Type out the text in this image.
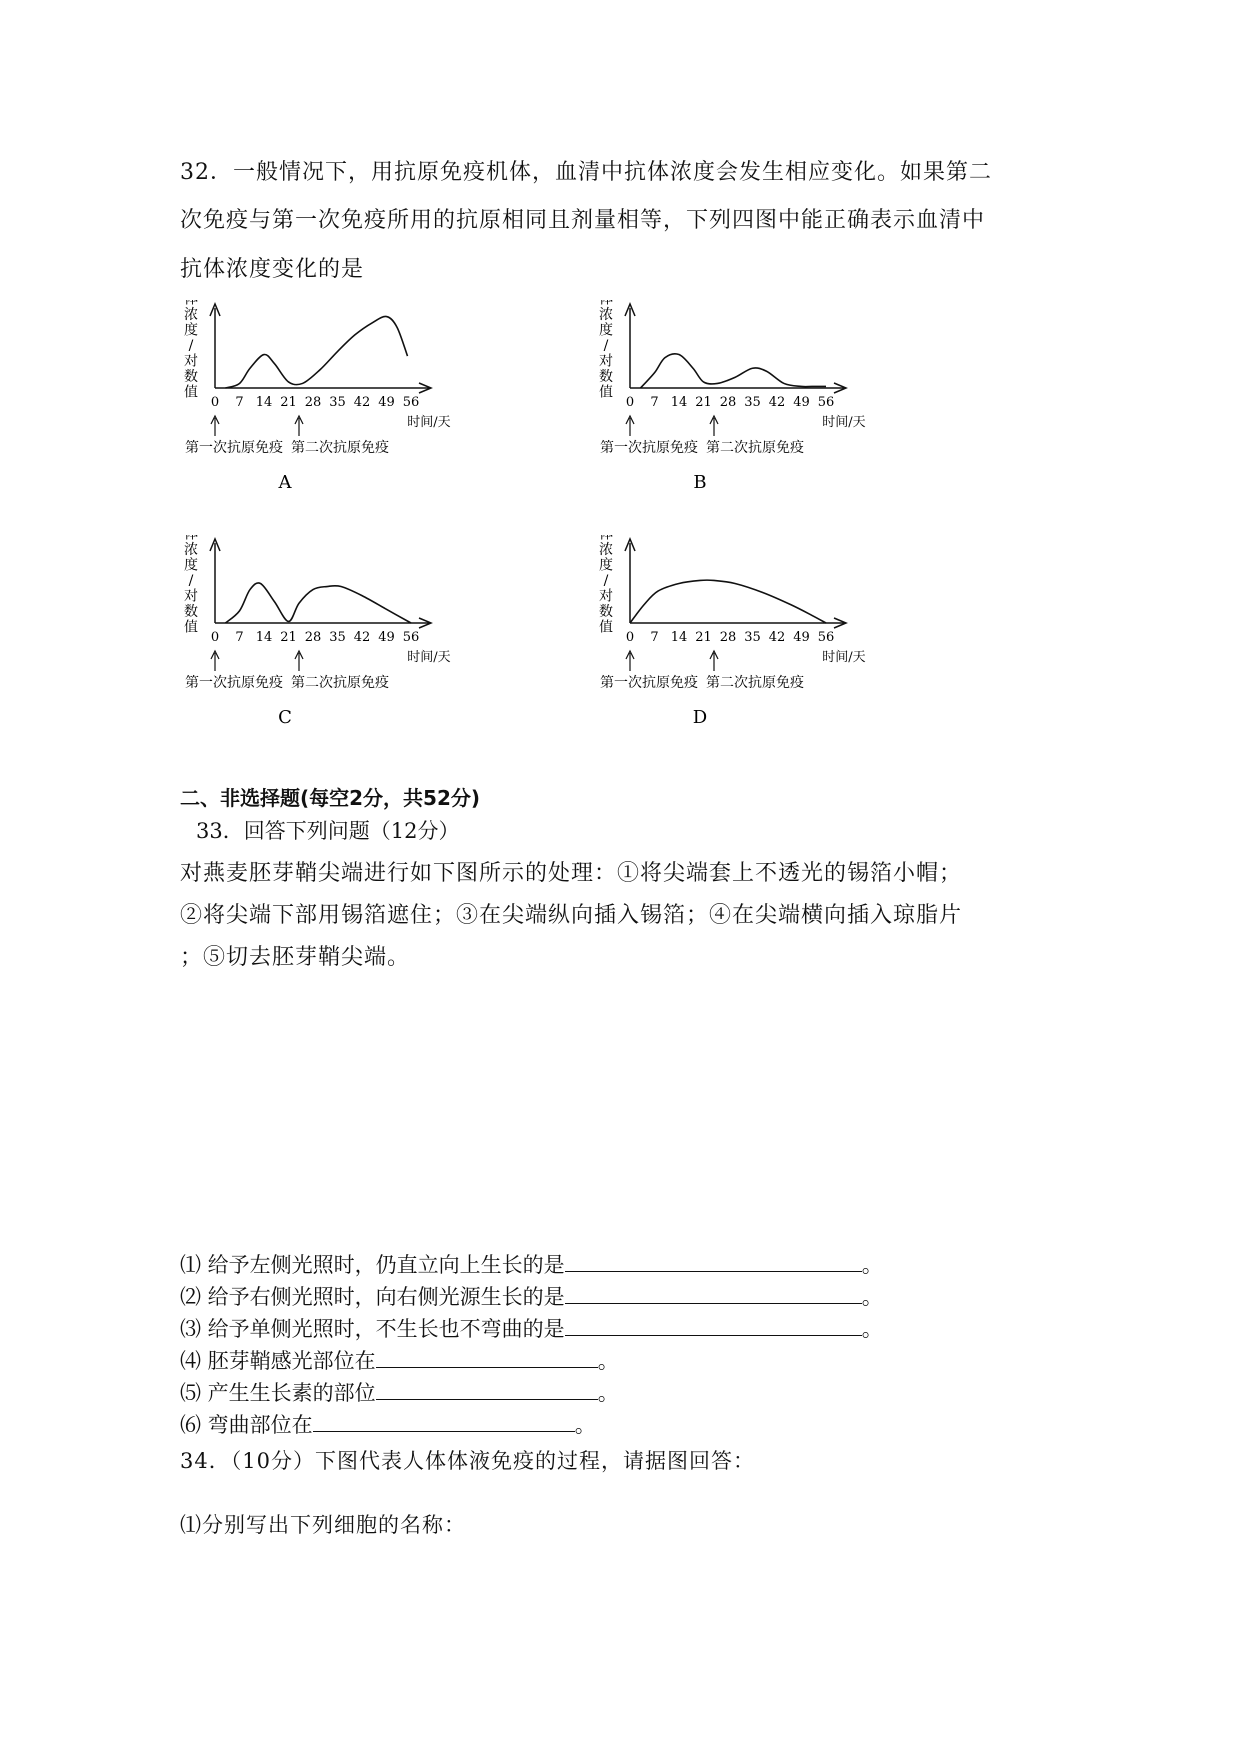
32．一般情况下，用抗原免疫机体，血清中抗体浓度会发生相应变化。如果第二
次免疫与第一次免疫所用的抗原相同且剂量相等，下列四图中能正确表示血清中
抗体浓度变化的是
浓
度
/
对
数
值
0 7 14 21 28 35 42 49 56
时间/天
第一次抗原免疫 第二次抗原免疫
A
浓
度
/
对
数
值
0 7 14 21 28 35 42 49 56
时间/天
第一次抗原免疫 第二次抗原免疫
B
浓
度
/
对
数
值
0 7 14 21 28 35 42 49 56
时间/天
第一次抗原免疫 第二次抗原免疫
C
浓
度
/
对
数
值
0 7 14 21 28 35 42 49 56
时间/天
第一次抗原免疫 第二次抗原免疫
D
二、非选择题(每空2分，共52分)
33．回答下列问题（12分）
对燕麦胚芽鞘尖端进行如下图所示的处理：①将尖端套上不透光的锡箔小帽；
②将尖端下部用锡箔遮住；③在尖端纵向插入锡箔；④在尖端横向插入琼脂片
；⑤切去胚芽鞘尖端。
⑴ 给予左侧光照时，仍直立向上生长的是	。
⑵ 给予右侧光照时，向右侧光源生长的是	。
⑶ 给予单侧光照时，不生长也不弯曲的是	。
⑷ 胚芽鞘感光部位在	。
⑸ 产生生长素的部位	。
⑹ 弯曲部位在	。
34．（10分）下图代表人体体液免疫的过程，请据图回答：
⑴分别写出下列细胞的名称：
